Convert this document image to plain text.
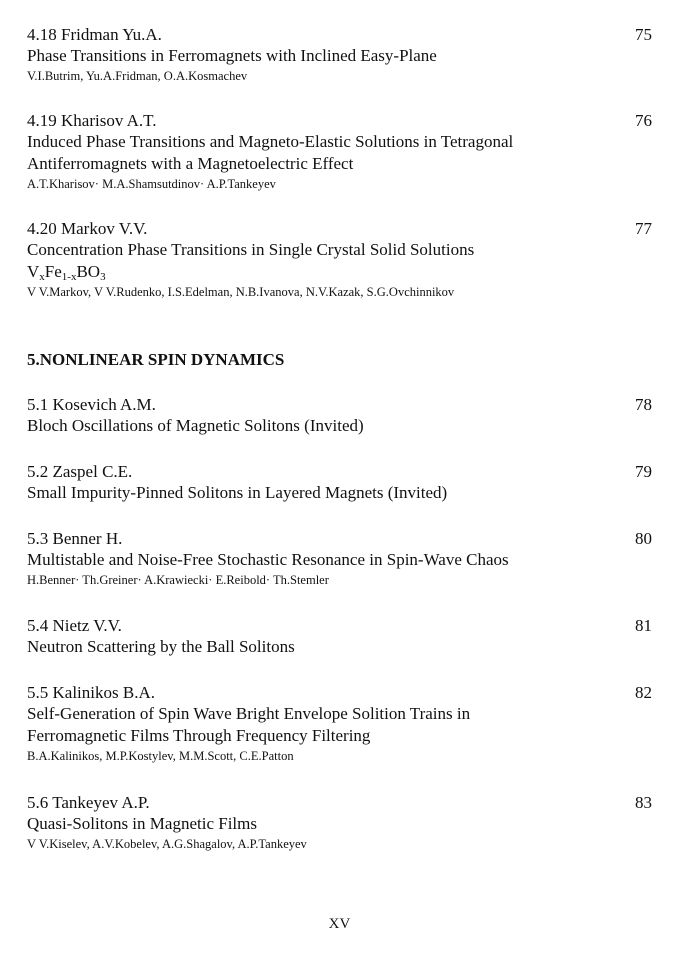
4.18 Fridman Yu.A.	75
Phase Transitions in Ferromagnets with Inclined Easy-Plane
V.I.Butrim, Yu.A.Fridman, O.A.Kosmachev
4.19 Kharisov A.T.	76
Induced Phase Transitions and Magneto-Elastic Solutions in Tetragonal
Antiferromagnets with a Magnetoelectric Effect
A.T.Kharisov· M.A.Shamsutdinov· A.P.Tankeyev
4.20 Markov V.V.	77
Concentration Phase Transitions in Single Crystal Solid Solutions
$V_xFe_{1-x}BO_3$
V V.Markov, V V.Rudenko, I.S.Edelman, N.B.Ivanova, N.V.Kazak, S.G.Ovchinnikov
5.NONLINEAR SPIN DYNAMICS
5.1 Kosevich A.M.	78
Bloch Oscillations of Magnetic Solitons (Invited)
5.2 Zaspel C.E.	79
Small Impurity-Pinned Solitons in Layered Magnets (Invited)
5.3 Benner H.	80
Multistable and Noise-Free Stochastic Resonance in Spin-Wave Chaos
H.Benner· Th.Greiner· A.Krawiecki· E.Reibold· Th.Stemler
5.4 Nietz V.V.	81
Neutron Scattering by the Ball Solitons
5.5 Kalinikos B.A.	82
Self-Generation of Spin Wave Bright Envelope Solition Trains in
Ferromagnetic Films Through Frequency Filtering
B.A.Kalinikos, M.P.Kostylev, M.M.Scott, C.E.Patton
5.6 Tankeyev A.P.	83
Quasi-Solitons in Magnetic Films
V V.Kiselev, A.V.Kobelev, A.G.Shagalov, A.P.Tankeyev
XV
